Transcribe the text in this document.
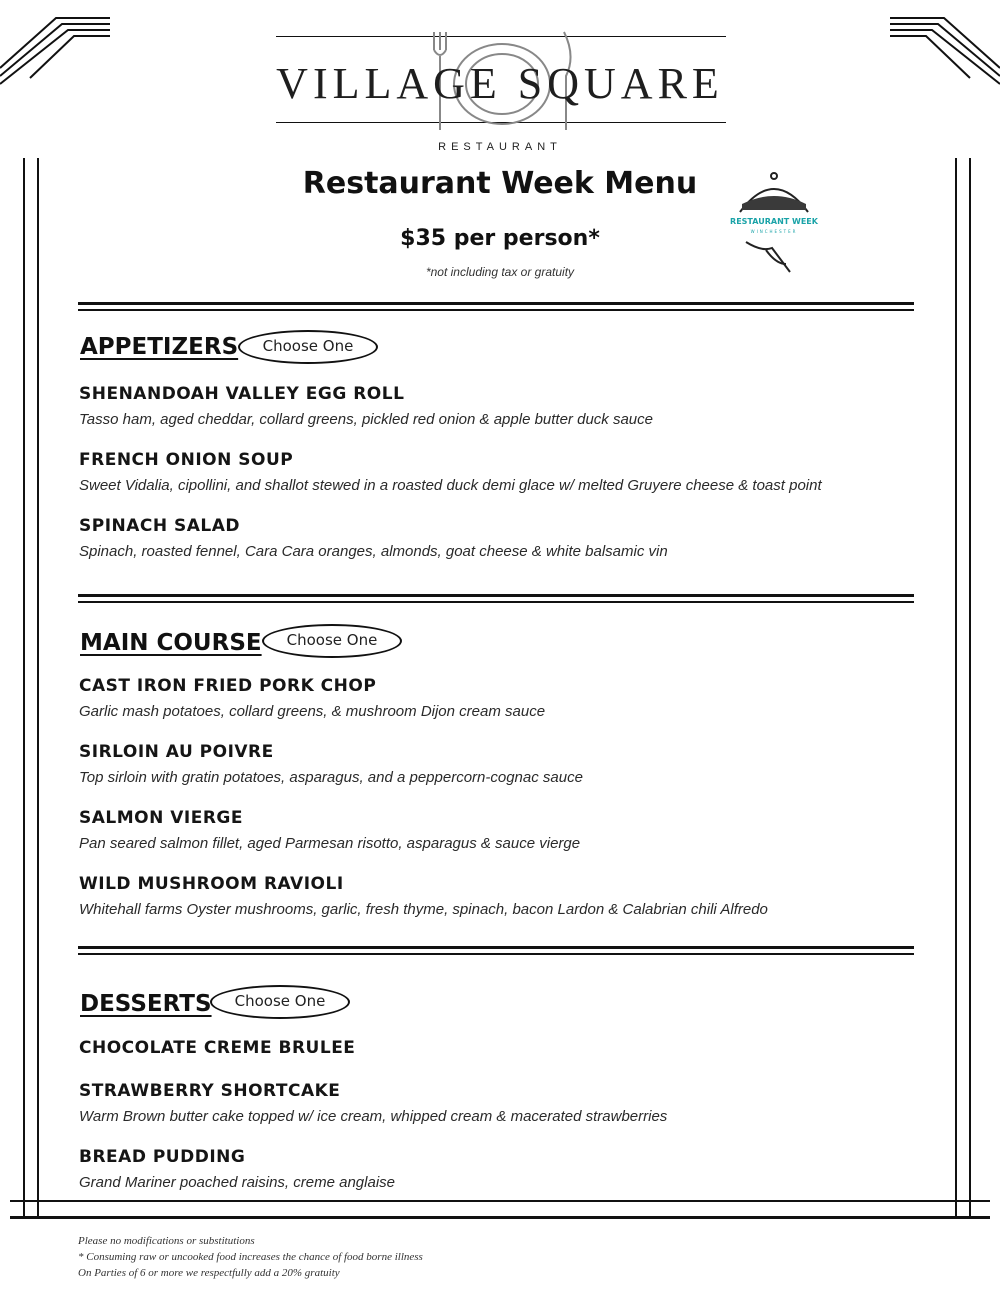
VILLAGE SQUARE
RESTAURANT
Restaurant Week Menu
$35 per person*
*not including tax or gratuity
RESTAURANT WEEK
WINCHESTER
APPETIZERS	Choose One
SHENANDOAH VALLEY EGG ROLL
Tasso ham, aged cheddar, collard greens, pickled red onion & apple butter duck sauce
FRENCH ONION SOUP
Sweet Vidalia, cipollini, and shallot stewed in a roasted duck demi glace w/ melted Gruyere cheese & toast point
SPINACH SALAD
Spinach, roasted fennel, Cara Cara oranges, almonds, goat cheese & white balsamic vin
MAIN COURSE	Choose One
CAST IRON FRIED PORK CHOP
Garlic mash potatoes, collard greens, & mushroom Dijon cream sauce
SIRLOIN AU POIVRE
Top sirloin with gratin potatoes, asparagus, and a peppercorn-cognac sauce
SALMON VIERGE
Pan seared salmon fillet, aged Parmesan risotto, asparagus & sauce vierge
WILD MUSHROOM RAVIOLI
Whitehall farms Oyster mushrooms, garlic, fresh thyme, spinach, bacon Lardon & Calabrian chili Alfredo
DESSERTS	Choose One
CHOCOLATE CREME BRULEE
STRAWBERRY SHORTCAKE
Warm Brown butter cake topped w/ ice cream, whipped cream & macerated strawberries
BREAD PUDDING
Grand Mariner poached raisins, creme anglaise
Please no modifications or substitutions
* Consuming raw or uncooked food increases the chance of food borne illness
On Parties of 6 or more we respectfully add a 20% gratuity
